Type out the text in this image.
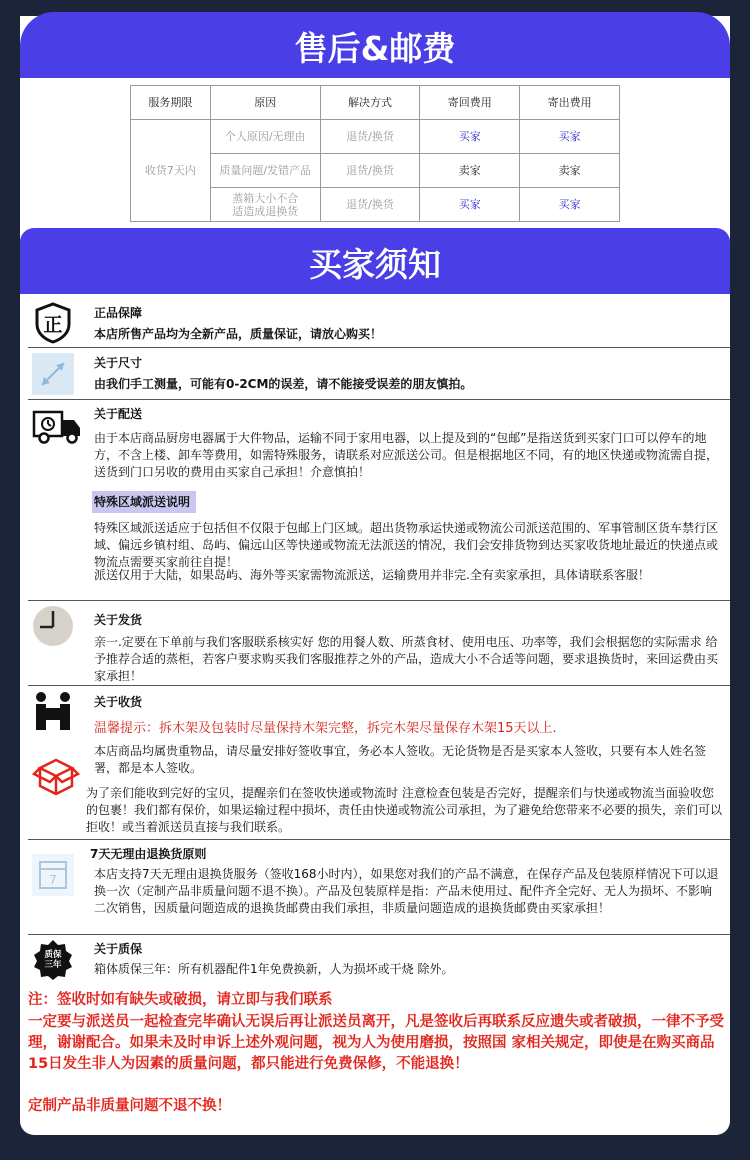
售后&邮费
服务期限	原因	解决方式	寄回费用	寄出费用
收货7天内	个人原因/无理由	退货/换货	买家	买家
	质量问题/发错产品	退货/换货	卖家	卖家

	蒸箱大小不合
适造成退换货	退货/换货	买家	买家
买家须知
正
正品保障
本店所售产品均为全新产品，质量保证，请放心购买！
关于尺寸
由我们手工测量，可能有0-2CM的误差，请不能接受误差的朋友慎拍。
关于配送
由于本店商品厨房电器属于大件物品，运输不同于家用电器，以上提及到的“包邮”是指送货到买家门口可以停车的地方，不含上楼、卸车等费用，如需特殊服务，请联系对应派送公司。但是根据地区不同，有的地区快递或物流需自提，送货到门口另收的费用由买家自己承担！介意慎拍！
特殊区域派送说明
特殊区域派送适应于包括但不仅限于包邮上门区域。超出货物承运快递或物流公司派送范围的、军事管制区货车禁行区域、偏远乡镇村组、岛屿、偏远山区等快递或物流无法派送的情况，我们会安排货物到达买家收货地址最近的快递点或物流点需要买家前往自提！
派送仅用于大陆，如果岛屿、海外等买家需物流派送，运输费用并非完.全有卖家承担，具体请联系客服！
关于发货
亲一.定要在下单前与我们客服联系核实好 您的用餐人数、所蒸食材、使用电压、功率等，我们会根据您的实际需求 给予推荐合适的蒸柜，若客户要求购买我们客服推荐之外的产品，造成大小不合适等问题，要求退换货时，来回运费由买家承担！
关于收货
温馨提示：拆木架及包装时尽量保持木架完整，拆完木架尽量保存木架15天以上.
本店商品均属贵重物品，请尽量安排好签收事宜，务必本人签收。无论货物是否是买家本人签收，只要有本人姓名签署，都是本人签收。
为了亲们能收到完好的宝贝，提醒亲们在签收快递或物流时 注意检查包装是否完好，提醒亲们与快递或物流当面验收您的包裹！我们都有保价，如果运输过程中损坏，责任由快递或物流公司承担，为了避免给您带来不必要的损失，亲们可以拒收！或当着派送员直接与我们联系。
7
7天无理由退换货原则
本店支持7天无理由退换货服务（签收168小时内），如果您对我们的产品不满意，在保存产品及包装原样情况下可以退换一次（定制产品非质量问题不退不换）。产品及包装原样是指：产品未使用过、配件齐全完好、无人为损坏、不影响二次销售，因质量问题造成的退换货邮费由我们承担，非质量问题造成的退换货邮费由买家承担！
质保
三年
关于质保
箱体质保三年：所有机器配件1年免费换新，人为损坏或干烧 除外。
注：签收时如有缺失或破损，请立即与我们联系
一定要与派送员一起检查完毕确认无误后再让派送员离开，凡是签收后再联系反应遗失或者破损，一律不予受理，谢谢配合。如果未及时申诉上述外观问题，视为人为使用磨损，按照国 家相关规定，即使是在购买商品15日发生非人为因素的质量问题，都只能进行免费保修，不能退换！
定制产品非质量问题不退不换！
